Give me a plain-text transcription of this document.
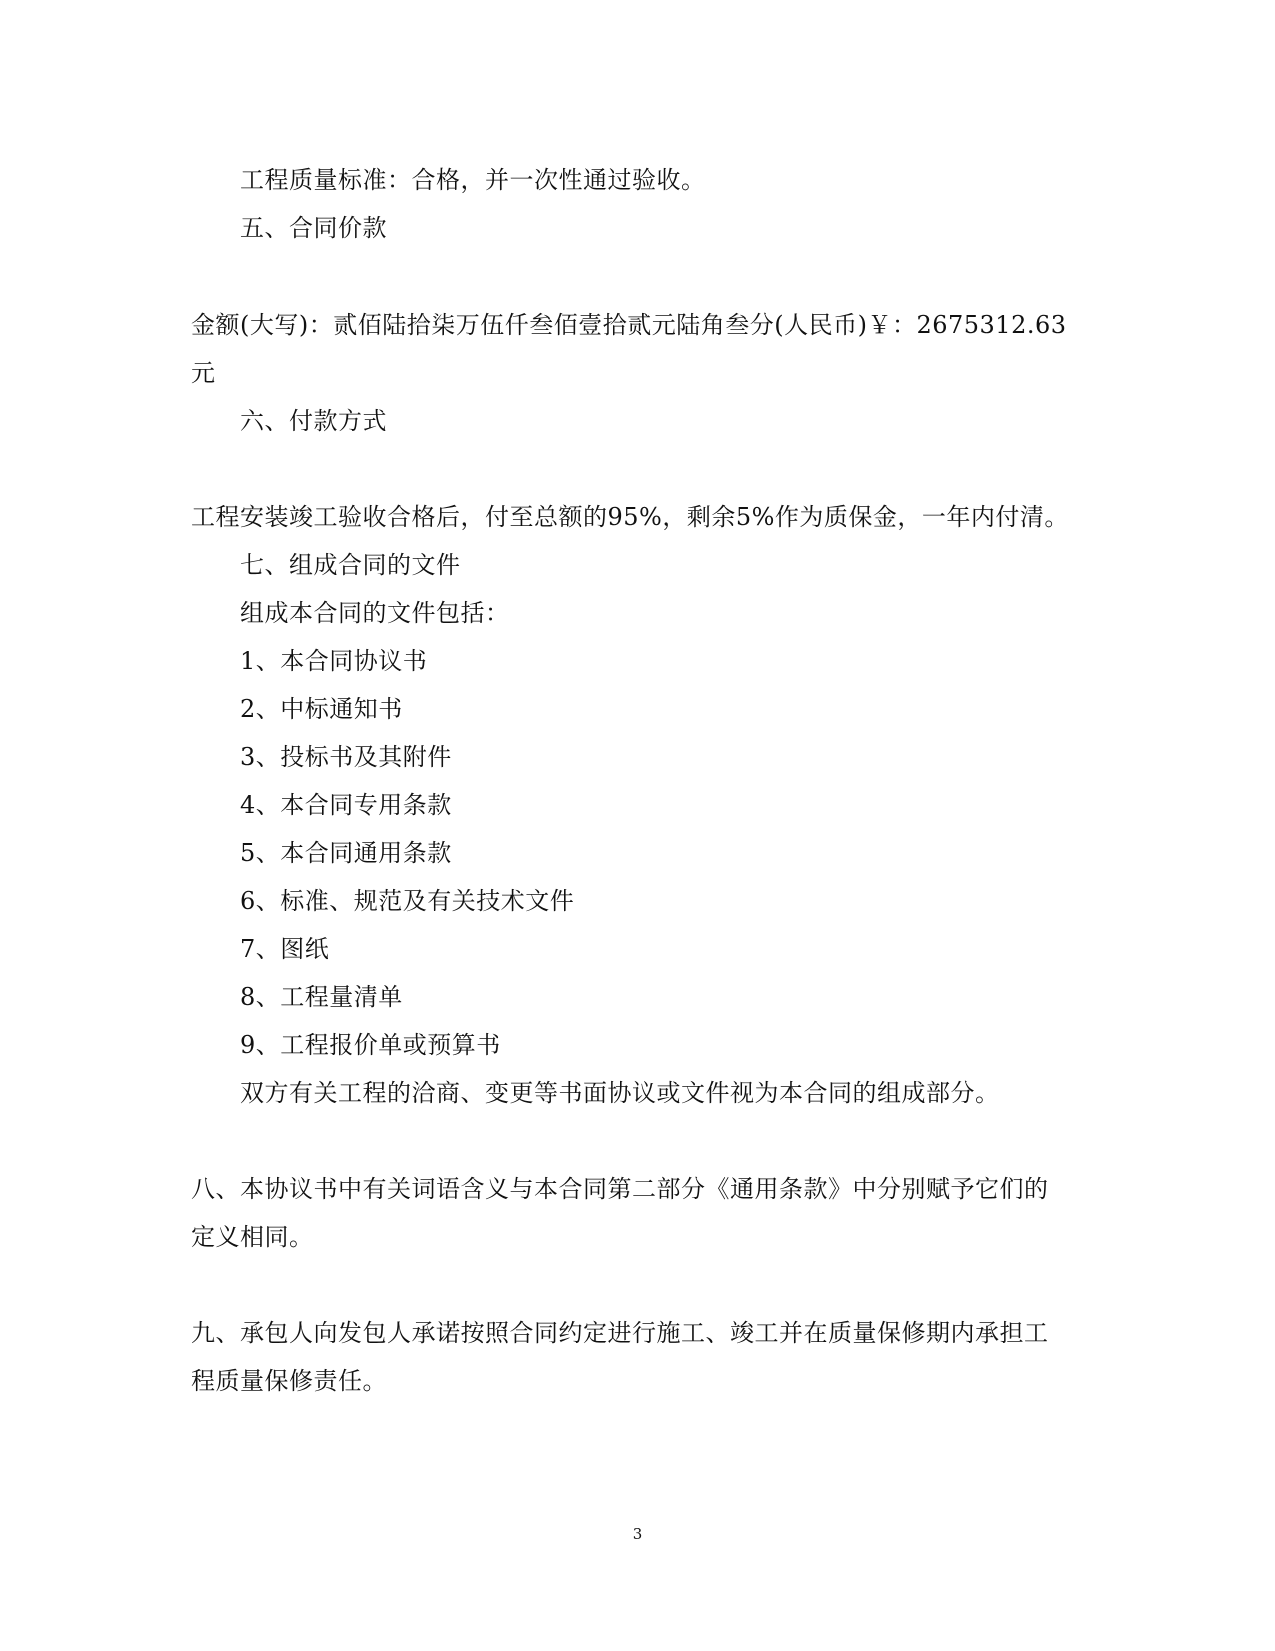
工程质量标准：合格，并一次性通过验收。
五、合同价款
金额(大写)：贰佰陆拾柒万伍仟叁佰壹拾贰元陆角叁分(人民币)￥：2675312.63
元
六、付款方式
工程安装竣工验收合格后，付至总额的95%，剩余5%作为质保金，一年内付清。
七、组成合同的文件
组成本合同的文件包括：
1、本合同协议书
2、中标通知书
3、投标书及其附件
4、本合同专用条款
5、本合同通用条款
6、标准、规范及有关技术文件
7、图纸
8、工程量清单
9、工程报价单或预算书
双方有关工程的洽商、变更等书面协议或文件视为本合同的组成部分。
八、本协议书中有关词语含义与本合同第二部分《通用条款》中分别赋予它们的
定义相同。
九、承包人向发包人承诺按照合同约定进行施工、竣工并在质量保修期内承担工
程质量保修责任。
3
